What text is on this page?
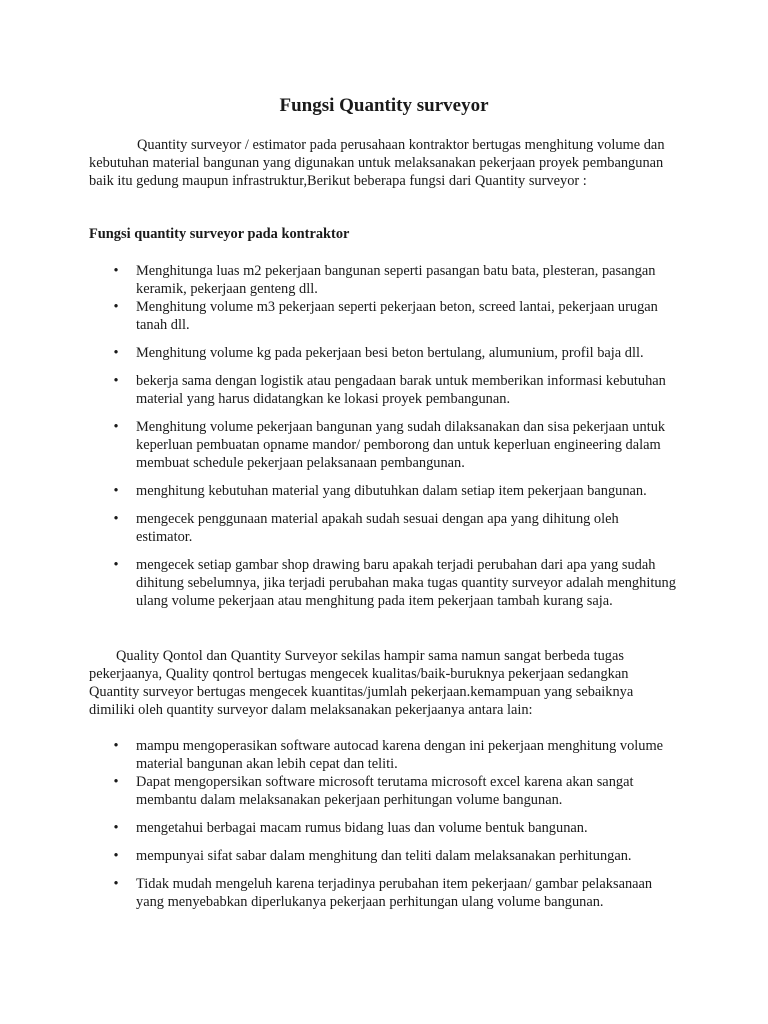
Fungsi Quantity surveyor

Quantity surveyor / estimator pada perusahaan kontraktor bertugas menghitung volume dan kebutuhan material bangunan yang digunakan untuk melaksanakan pekerjaan proyek pembangunan baik itu gedung maupun infrastruktur,Berikut beberapa fungsi dari Quantity surveyor :

Fungsi quantity surveyor pada kontraktor

• Menghitunga luas m2 pekerjaan bangunan seperti pasangan batu bata, plesteran, pasangan keramik, pekerjaan genteng dll.
• Menghitung volume m3 pekerjaan seperti pekerjaan beton, screed lantai, pekerjaan urugan tanah dll.
• Menghitung volume kg pada pekerjaan besi beton bertulang, alumunium, profil baja dll.
• bekerja sama dengan logistik atau pengadaan barak untuk memberikan informasi kebutuhan material yang harus didatangkan ke lokasi proyek pembangunan.
• Menghitung volume pekerjaan bangunan yang sudah dilaksanakan dan sisa pekerjaan untuk keperluan pembuatan opname mandor/ pemborong dan untuk keperluan engineering dalam membuat schedule pekerjaan pelaksanaan pembangunan.
• menghitung kebutuhan material yang dibutuhkan dalam setiap item pekerjaan bangunan.
• mengecek penggunaan material apakah sudah sesuai dengan apa yang dihitung oleh estimator.
• mengecek setiap gambar shop drawing baru apakah terjadi perubahan dari apa yang sudah dihitung sebelumnya, jika terjadi perubahan maka tugas quantity surveyor adalah menghitung ulang volume pekerjaan atau menghitung pada item pekerjaan tambah kurang saja.

Quality Qontol dan Quantity Surveyor sekilas hampir sama namun sangat berbeda tugas pekerjaanya, Quality qontrol bertugas mengecek kualitas/baik-buruknya pekerjaan sedangkan Quantity surveyor bertugas mengecek kuantitas/jumlah pekerjaan.kemampuan yang sebaiknya dimiliki oleh quantity surveyor dalam melaksanakan pekerjaanya antara lain:

• mampu mengoperasikan software autocad karena dengan ini pekerjaan menghitung volume material bangunan akan lebih cepat dan teliti.
• Dapat mengopersikan software microsoft terutama microsoft excel karena akan sangat membantu dalam melaksanakan pekerjaan perhitungan volume bangunan.
• mengetahui berbagai macam rumus bidang luas dan volume bentuk bangunan.
• mempunyai sifat sabar dalam menghitung dan teliti dalam melaksanakan perhitungan.
• Tidak mudah mengeluh karena terjadinya perubahan item pekerjaan/ gambar pelaksanaan yang menyebabkan diperlukanya pekerjaan perhitungan ulang volume bangunan.
